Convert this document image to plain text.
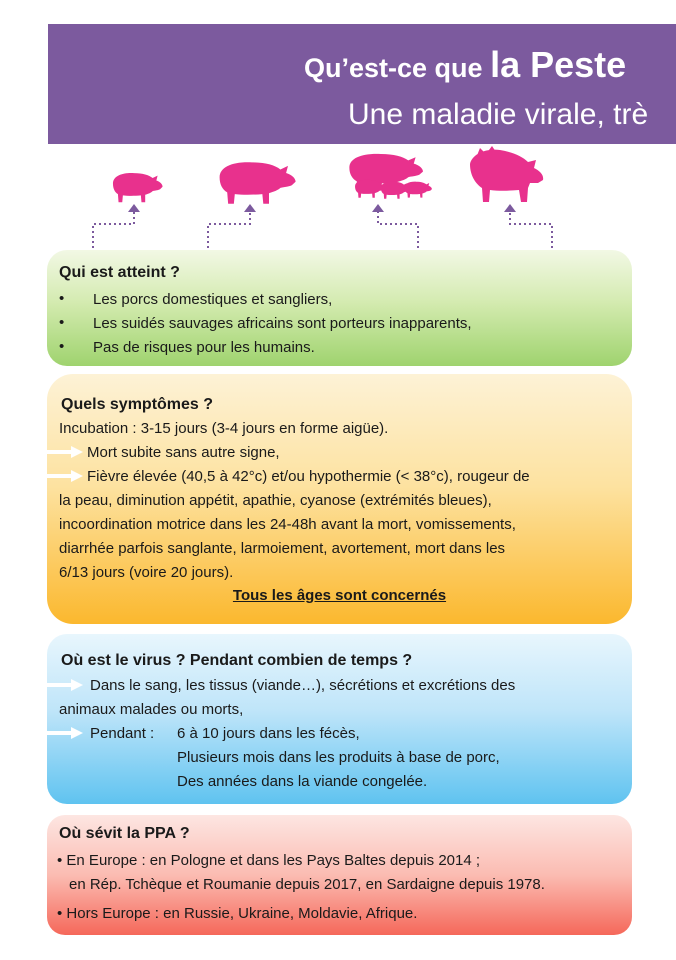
Qu’est-ce que la Peste
Une maladie virale, trè
Qui est atteint ?
• Les porcs domestiques et sangliers,
• Les suidés sauvages africains sont porteurs inapparents,
• Pas de risques pour les humains.
Quels symptômes ?
Incubation : 3-15 jours (3-4 jours en forme aigüe).
Mort subite sans autre signe,
Fièvre élevée (40,5 à 42°c) et/ou hypothermie (< 38°c), rougeur de
la peau, diminution appétit, apathie, cyanose (extrémités bleues),
incoordination motrice dans les 24-48h avant la mort, vomissements,
diarrhée parfois sanglante, larmoiement, avortement, mort dans les
6/13 jours (voire 20 jours).
Tous les âges sont concernés
Où est le virus ? Pendant combien de temps ?
Dans le sang, les tissus (viande…), sécrétions et excrétions des
animaux malades ou morts,
Pendant : 6 à 10 jours dans les fécès,
Plusieurs mois dans les produits à base de porc,
Des années dans la viande congelée.
Où sévit la PPA ?
• En Europe : en Pologne et dans les Pays Baltes depuis 2014 ;
en Rép. Tchèque et Roumanie depuis 2017, en Sardaigne depuis 1978.
• Hors Europe : en Russie, Ukraine, Moldavie, Afrique.
